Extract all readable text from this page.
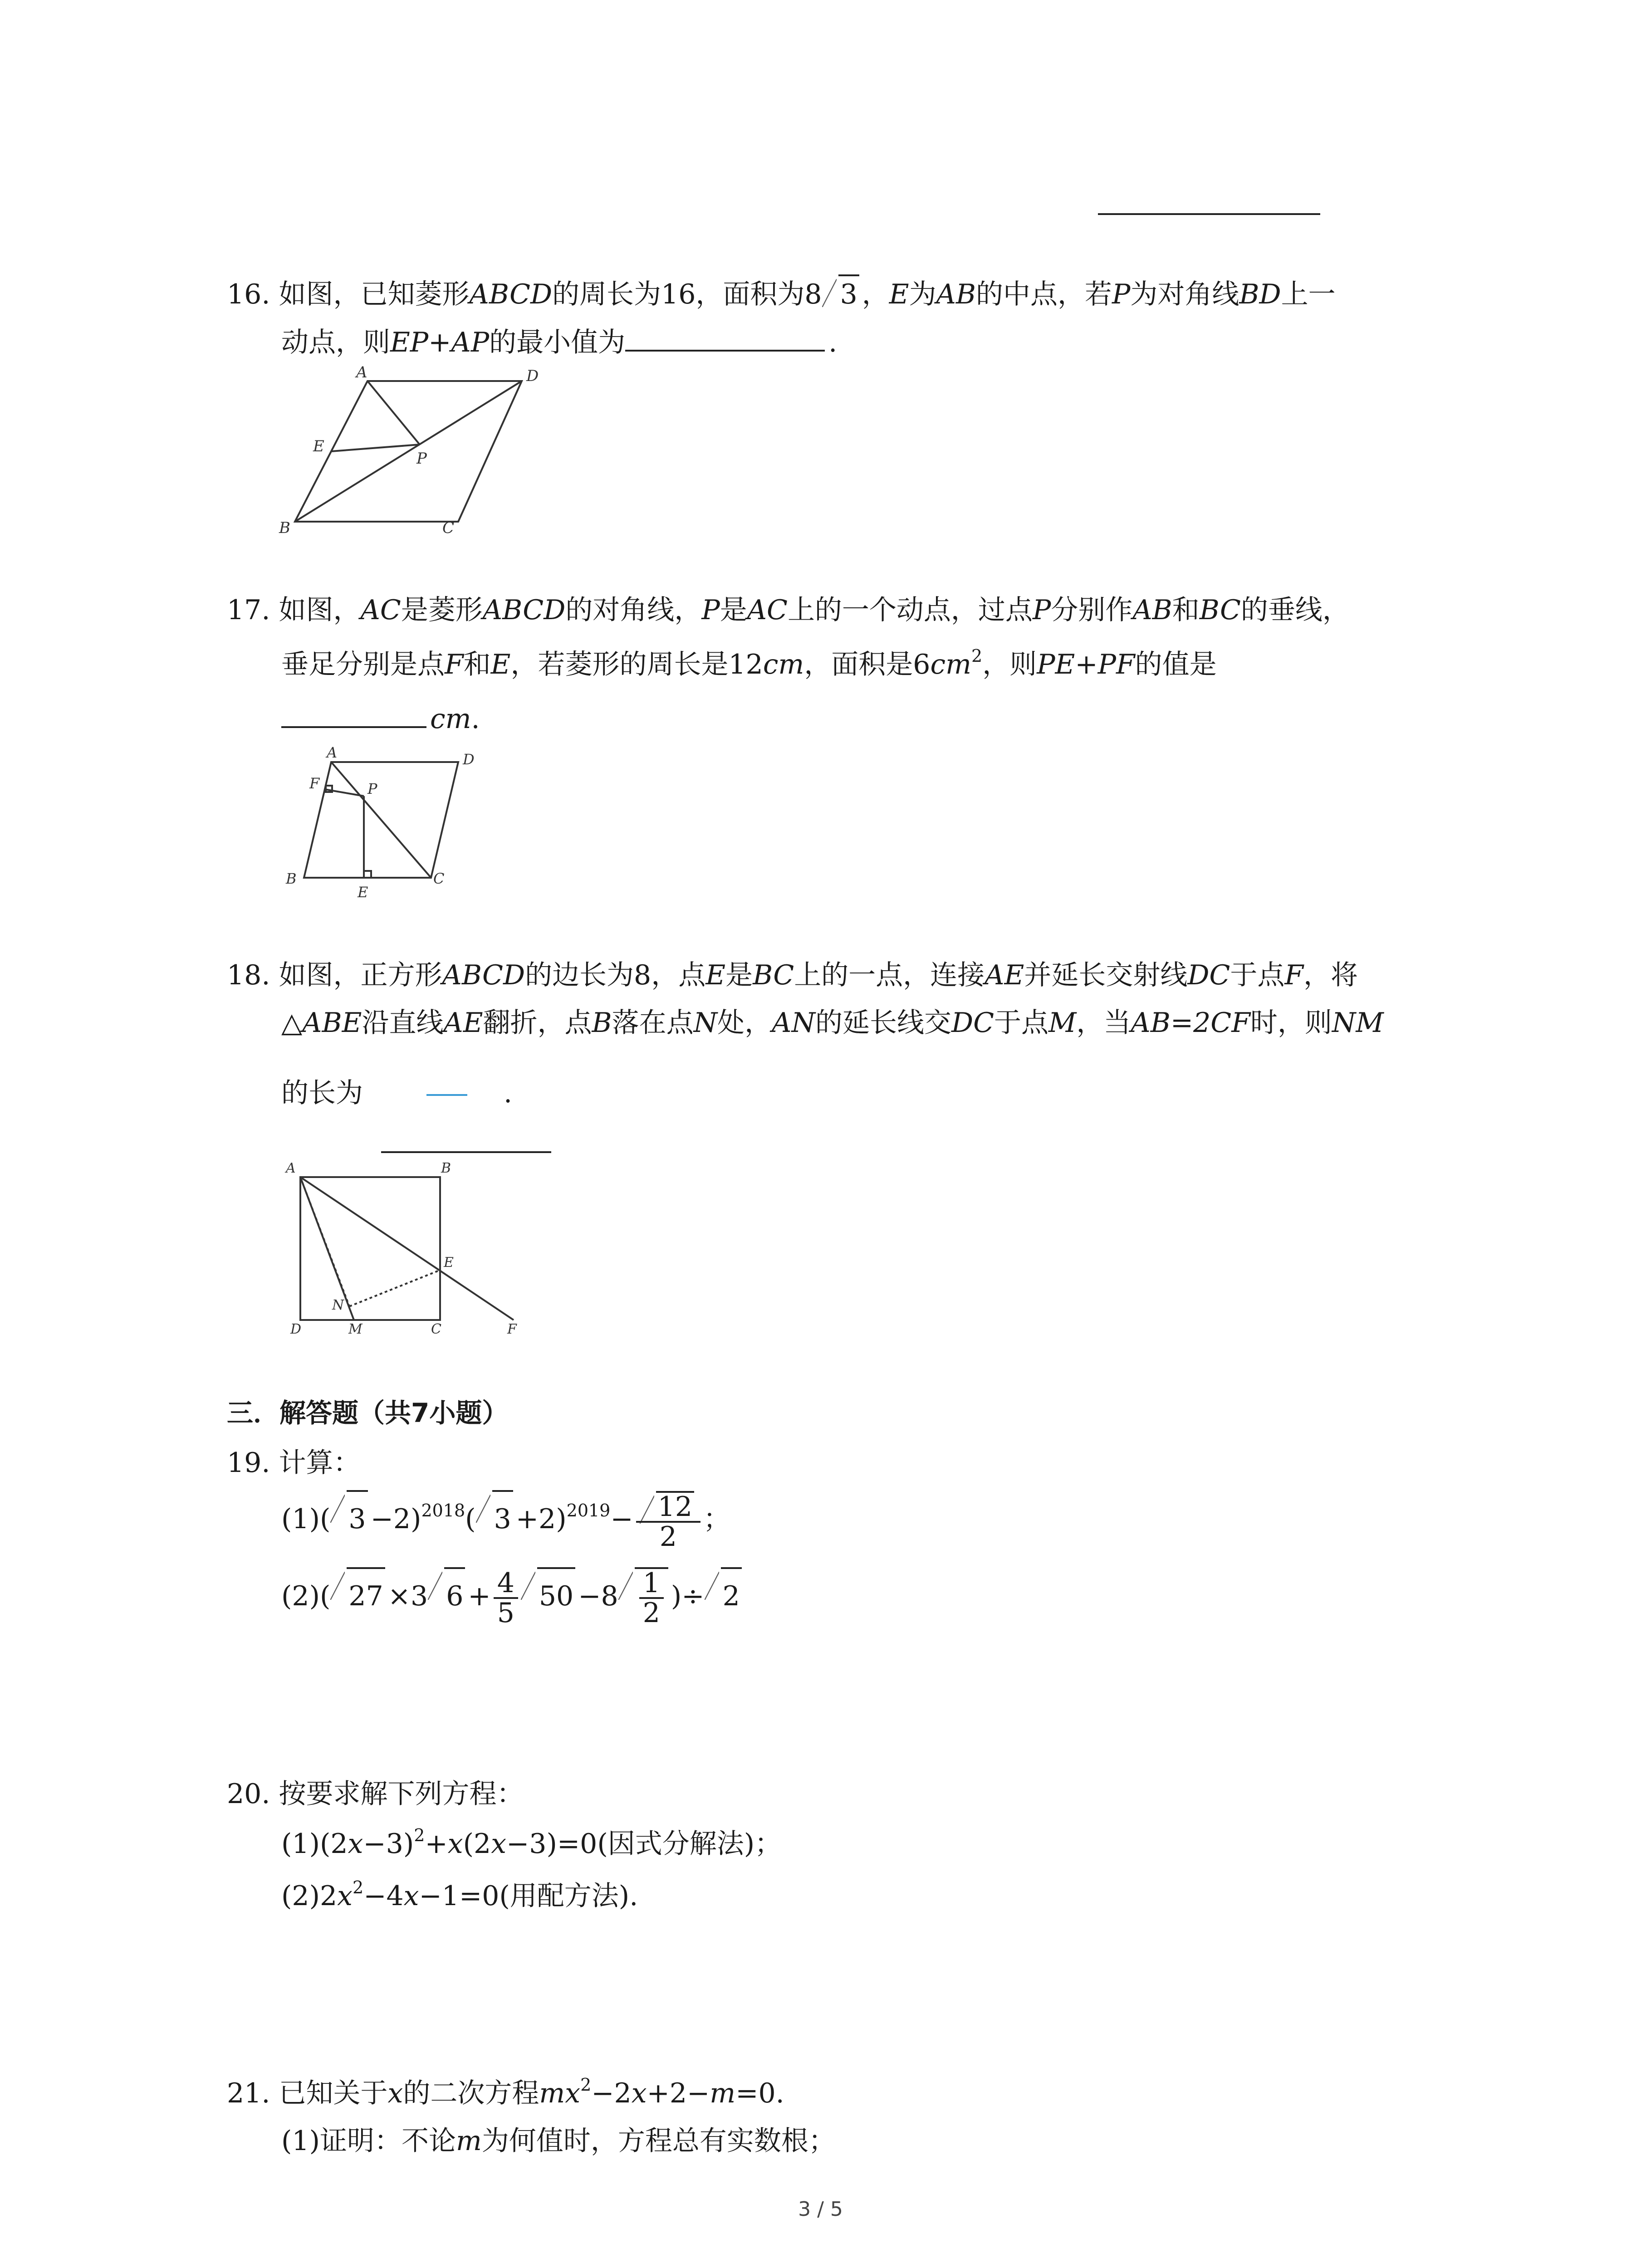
16. 如图，已知菱形ABCD的周长为16，面积为8 3 ，E为AB的中点，若P为对角线BD上一
动点，则EP+AP的最小值为	.
A	D
E
P
B	C
17. 如图，AC是菱形ABCD的对角线，P是AC上的一个动点，过点P分别作AB和BC的垂线，
垂足分别是点F和E，若菱形的周长是12cm，面积是$6cm^2$，则PE+PF的值是
cm.
A	D
F	P
B
E
C
18. 如图，正方形ABCD的边长为8，点E是BC上的一点，连接AE并延长交射线DC于点F，将
△ABE沿直线AE翻折，点B落在点N处，AN的延长线交DC于点M，当AB=2CF时，则NM
的长为	.
A	B
E
N
D	M	C	F
三．解答题（共7小题）
19. 计算：
(1)( 3 −2)$^{2018}$( $3 +2)^{2019}- \frac{12}{2}$ ；
(2)( 27 ×3 $6 + \frac{4}{5} 50 -8 \frac{1}{2}$ )÷ 2
20. 按要求解下列方程：
$(1)(2x-3)^2+x(2x-3)=0$(因式分解法)；
$(2)2x^2-4x-1=0$(用配方法).
21. 已知关于x的二次方程$mx^2-2x+2-m=0$.
(1)证明：不论m为何值时，方程总有实数根；
3 / 5
